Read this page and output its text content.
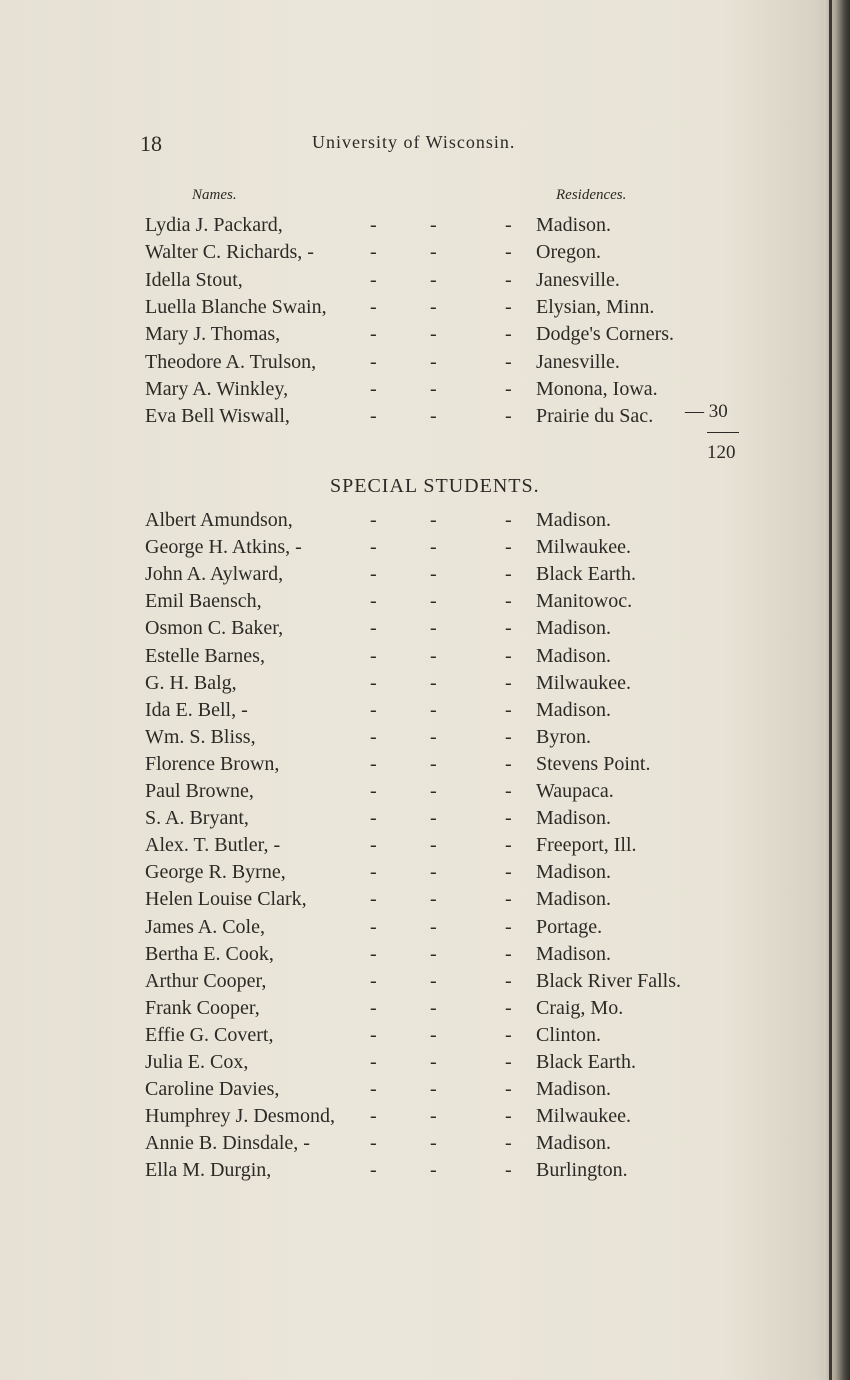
18	University of Wisconsin.
Names.	Residences.
Lydia J. Packard,	-	-	- Madison.
Walter C. Richards, -	-	-	- Oregon.
Idella Stout,	-	-	- Janesville.
Luella Blanche Swain, -	-	- Elysian, Minn.
Mary J. Thomas,	-	-	- Dodge's Corners.
Theodore A. Trulson,	-	-	- Janesville.
Mary A. Winkley,	-	-	- Monona, Iowa.
Eva Bell Wiswall,	-	-	- Prairie du Sac. — 30
120
SPECIAL STUDENTS.
Albert Amundson,	-	-	- Madison.
George H. Atkins, -	-	-	- Milwaukee.
John A. Aylward,	-	-	- Black Earth.
Emil Baensch,	-	-	- Manitowoc.
Osmon C. Baker,	-	-	- Madison.
Estelle Barnes,	-	-	- Madison.
G. H. Balg,	-	-	- Milwaukee.
Ida E. Bell, -	-	-	- Madison.
Wm. S. Bliss,	-	-	- Byron.
Florence Brown,	-	-	- Stevens Point.
Paul Browne,	-	-	- Waupaca.
S. A. Bryant,	-	-	- Madison.
Alex. T. Butler, -	-	-	- Freeport, Ill.
George R. Byrne,	-	-	- Madison.
Helen Louise Clark,	-	-	- Madison.
James A. Cole,	-	-	- Portage.
Bertha E. Cook,	-	-	- Madison.
Arthur Cooper,	-	-	- Black River Falls.
Frank Cooper,	-	-	- Craig, Mo.
Effie G. Covert,	-	-	- Clinton.
Julia E. Cox,	-	-	- Black Earth.
Caroline Davies,	-	-	- Madison.
Humphrey J. Desmond, -	-	- Milwaukee.
Annie B. Dinsdale, -	-	-	- Madison.
Ella M. Durgin,	-	-	- Burlington.
